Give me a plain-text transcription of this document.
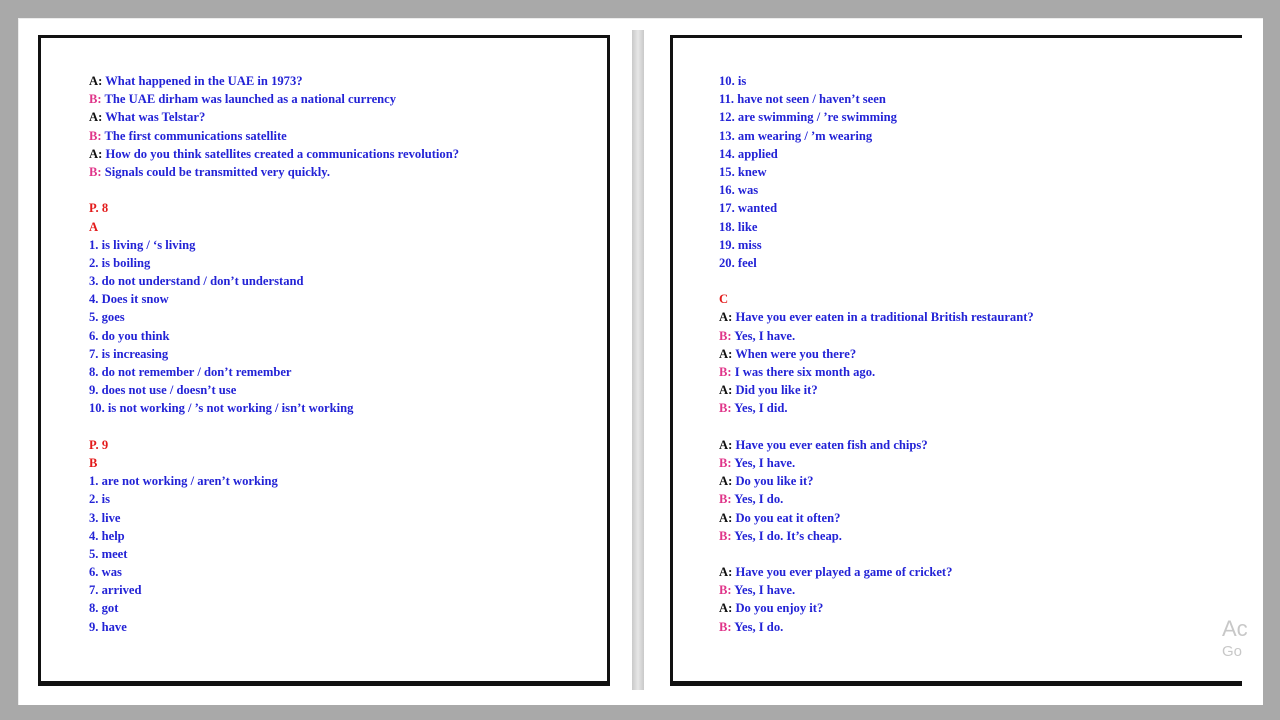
A: What happened in the UAE in 1973?
B: The UAE dirham was launched as a national currency
A: What was Telstar?
B: The first communications satellite
A: How do you think satellites created a communications revolution?
B: Signals could be transmitted very quickly.
P. 8
A
1. is living / ‘s living
2. is boiling
3. do not understand / don’t understand
4. Does it snow
5. goes
6. do you think
7. is increasing
8. do not remember / don’t remember
9. does not use / doesn’t use
10. is not working / ’s not working / isn’t working
P. 9
B
1. are not working / aren’t working
2. is
3. live
4. help
5. meet
6. was
7. arrived
8. got
9. have
10. is
11. have not seen / haven’t seen
12. are swimming / ’re swimming
13. am wearing / ’m wearing
14. applied
15. knew
16. was
17. wanted
18. like
19. miss
20. feel
C
A: Have you ever eaten in a traditional British restaurant?
B: Yes, I have.
A: When were you there?
B: I was there six month ago.
A: Did you like it?
B: Yes, I did.
A: Have you ever eaten fish and chips?
B: Yes, I have.
A: Do you like it?
B: Yes, I do.
A: Do you eat it often?
B: Yes, I do. It’s cheap.
A: Have you ever played a game of cricket?
B: Yes, I have.
A: Do you enjoy it?
B: Yes, I do.	Ac
Go
